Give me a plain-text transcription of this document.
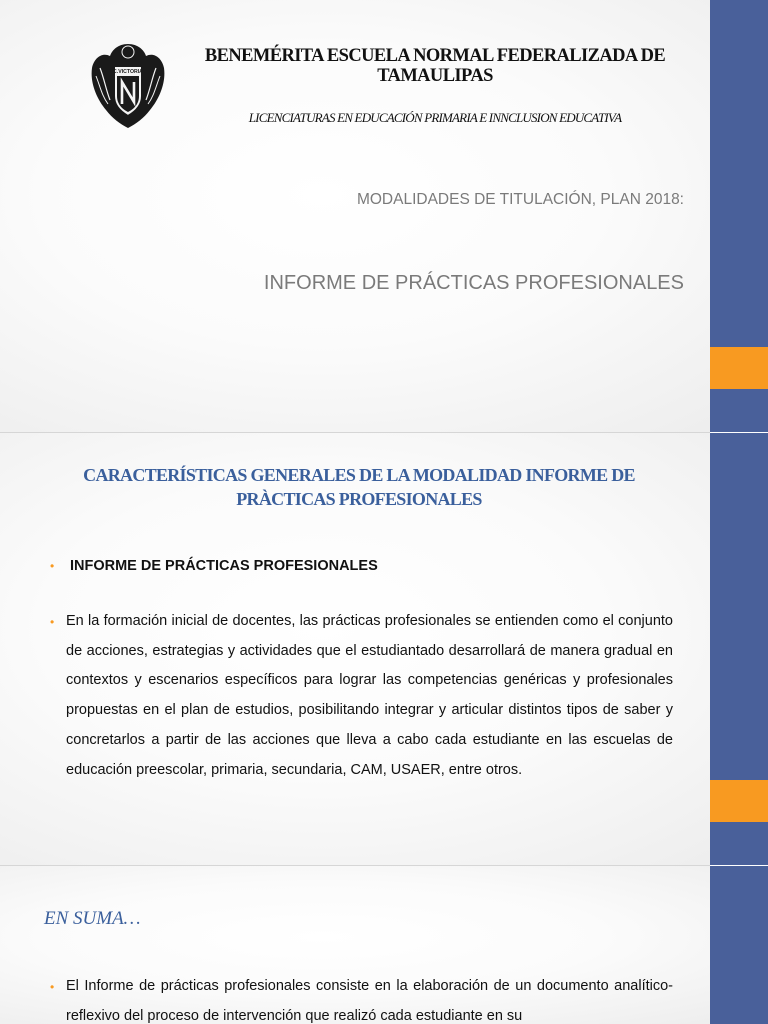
C.VICTORIA
BENEMÉRITA ESCUELA NORMAL FEDERALIZADA DE TAMAULIPAS
LICENCIATURAS EN EDUCACIÓN PRIMARIA E INNCLUSION EDUCATIVA
MODALIDADES DE TITULACIÓN, PLAN 2018:
INFORME DE PRÁCTICAS PROFESIONALES
CARACTERÍSTICAS GENERALES DE LA MODALIDAD INFORME DE PRÀCTICAS PROFESIONALES
• INFORME DE PRÁCTICAS PROFESIONALES
• En la formación inicial de docentes, las prácticas profesionales se entienden como el conjunto de acciones, estrategias y actividades que el estudiantado desarrollará de manera gradual en contextos y escenarios específicos para lograr las competencias genéricas y profesionales propuestas en el plan de estudios, posibilitando integrar y articular distintos tipos de saber y concretarlos a partir de las acciones que lleva a cabo cada estudiante en las escuelas de educación preescolar, primaria, secundaria, CAM, USAER, entre otros.
EN SUMA…
• El Informe de prácticas profesionales consiste en la elaboración de un documento analítico-reflexivo del proceso de intervención que realizó cada estudiante en su
